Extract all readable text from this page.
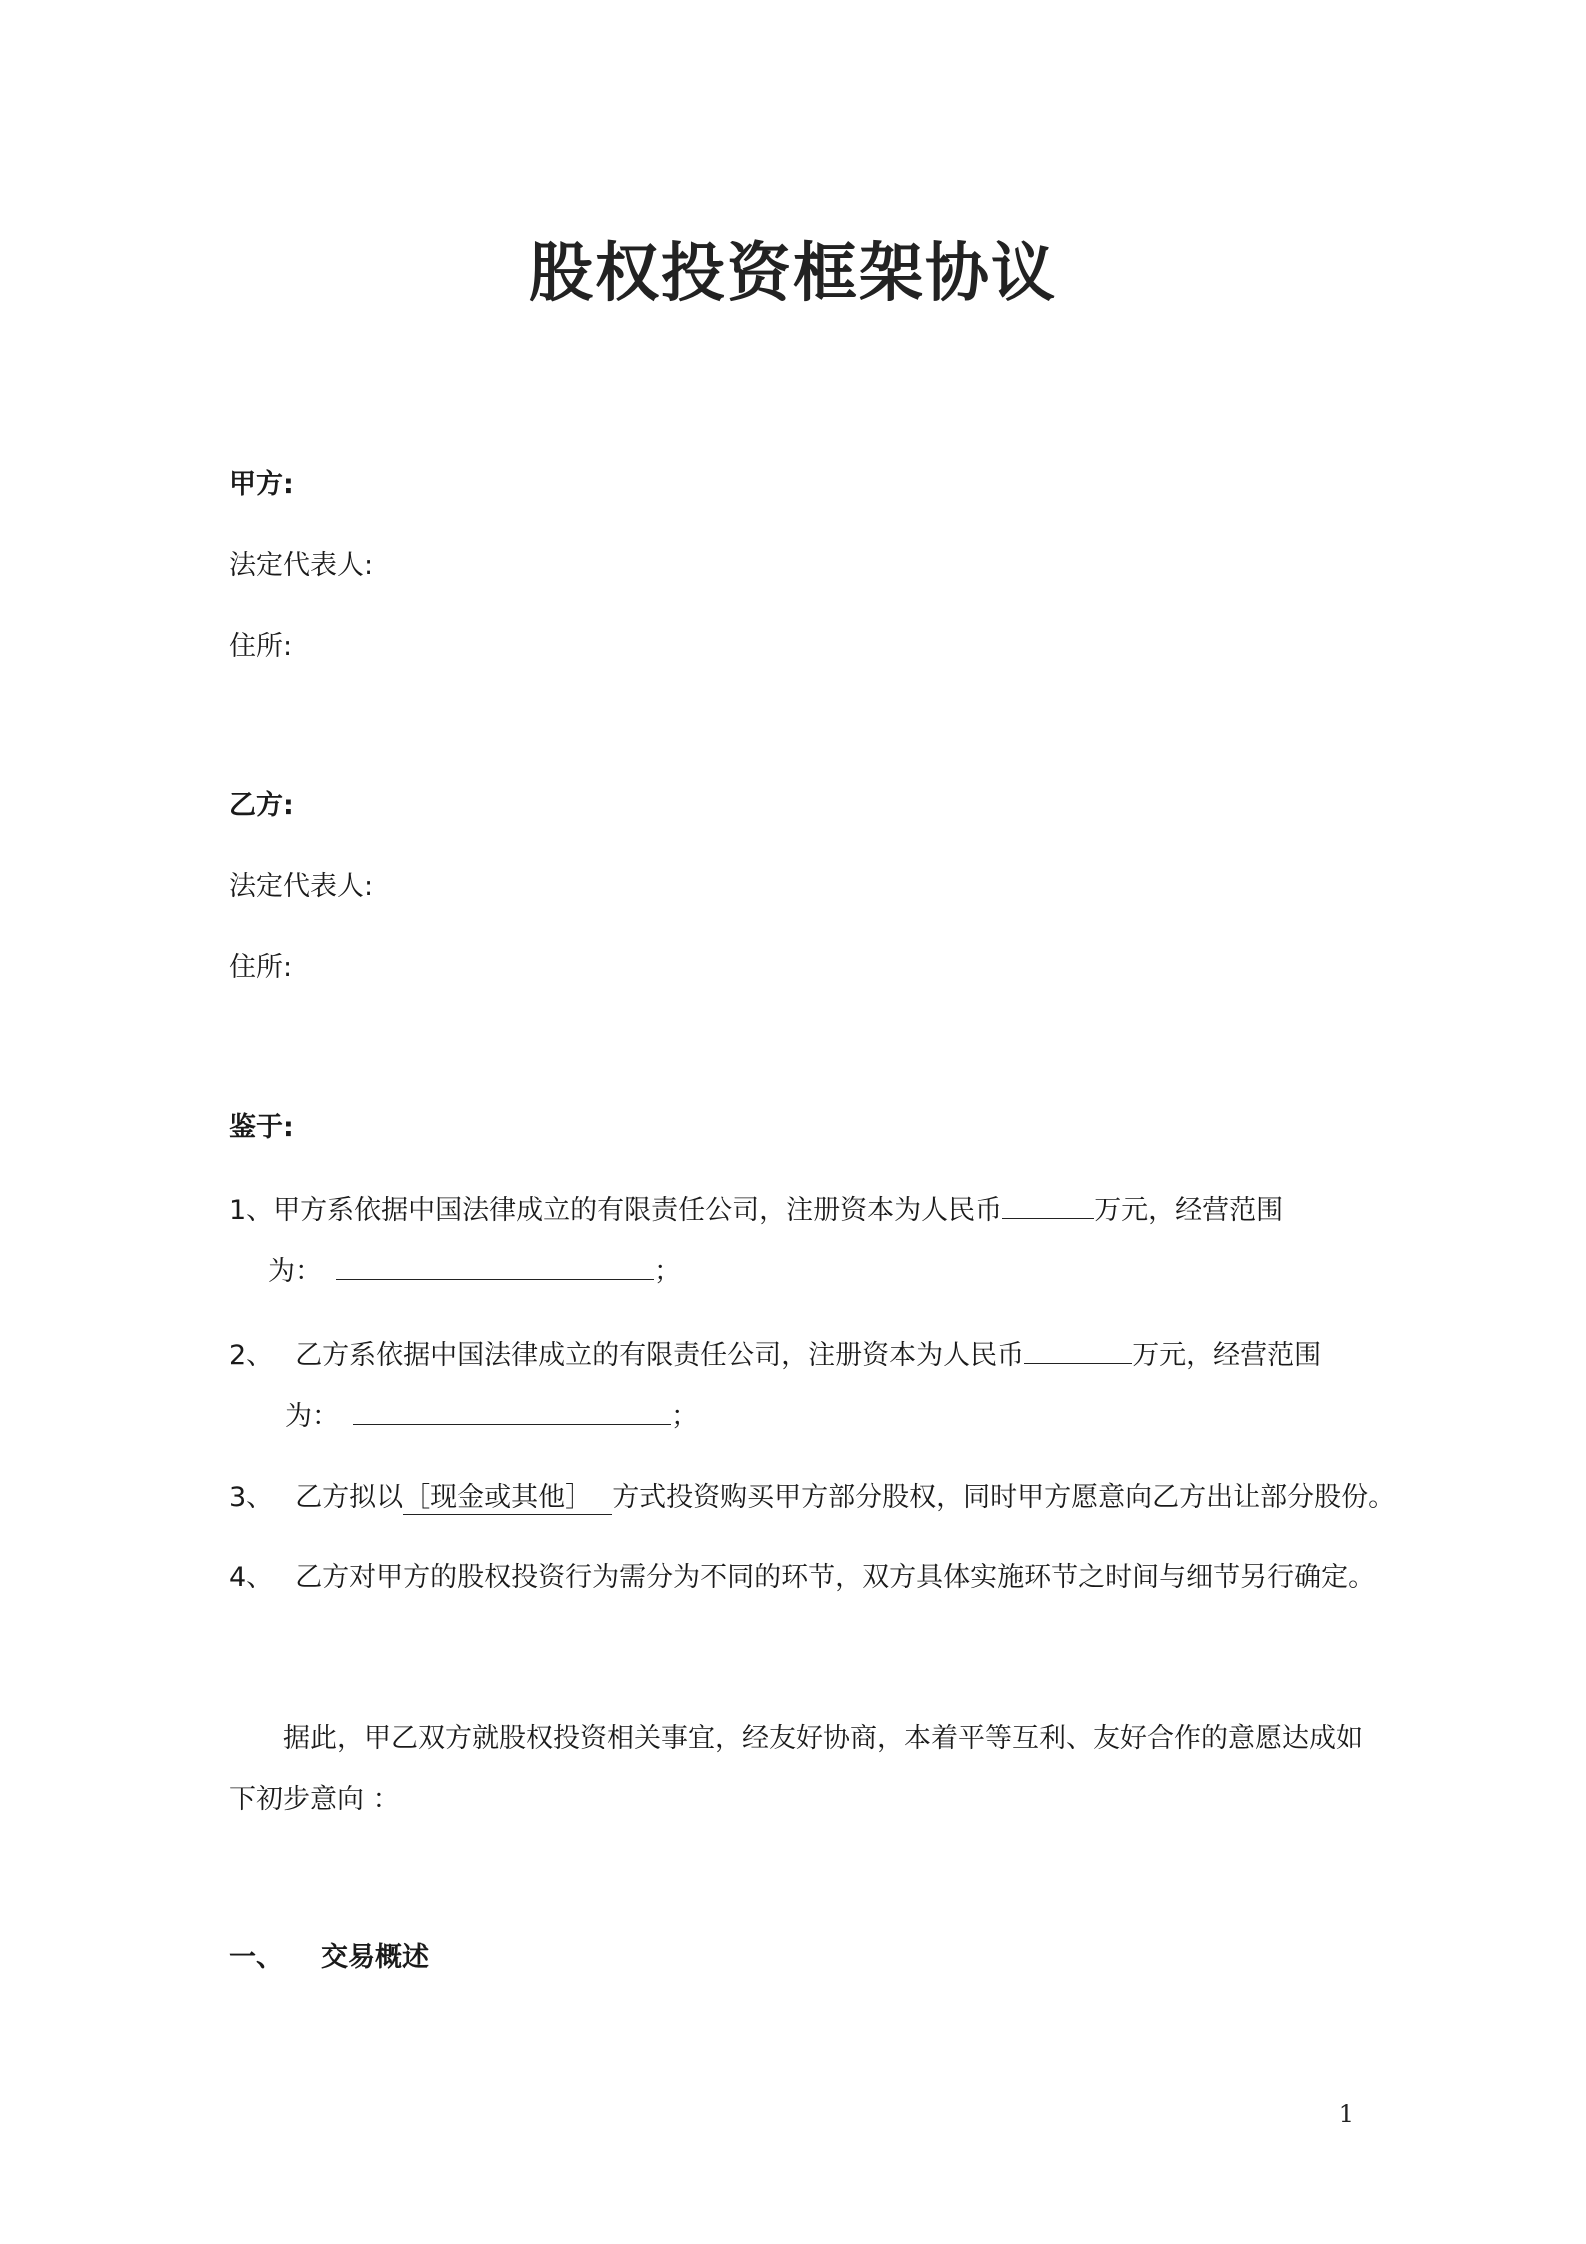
股权投资框架协议
甲方:
法定代表人:
住所:
乙方:
法定代表人:
住所:
鉴于:
1、甲方系依据中国法律成立的有限责任公司，注册资本为人民币	万元，经营范围
为：	；
2、 乙方系依据中国法律成立的有限责任公司，注册资本为人民币	万元，经营范围
为：	；
3、 乙方拟以［现金或其他］ 方式投资购买甲方部分股权，同时甲方愿意向乙方出让部分股份。
4、 乙方对甲方的股权投资行为需分为不同的环节，双方具体实施环节之时间与细节另行确定。
据此，甲乙双方就股权投资相关事宜，经友好协商，本着平等互利、友好合作的意愿达成如
下初步意向 ：
一、 交易概述
1
